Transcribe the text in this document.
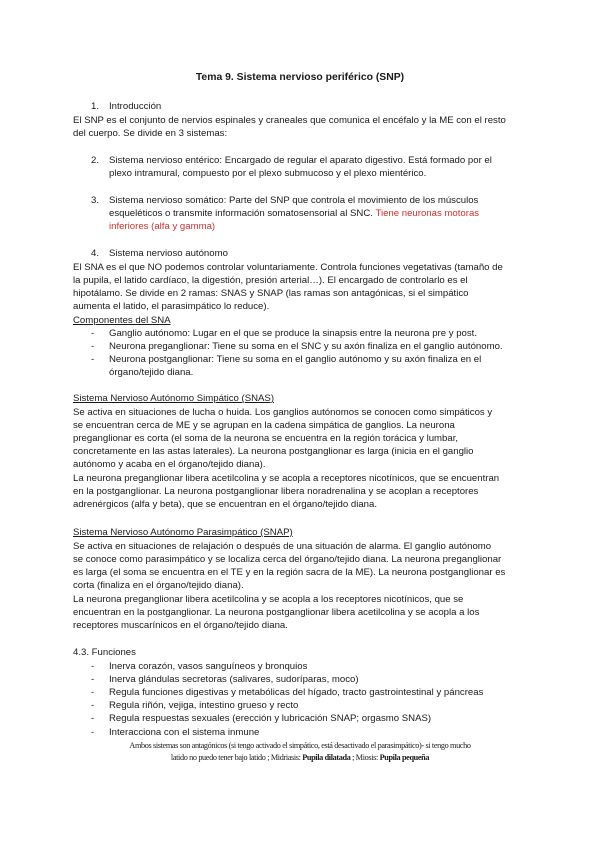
Tema 9. Sistema nervioso periférico (SNP)
1. Introducción
El SNP es el conjunto de nervios espinales y craneales que comunica el encéfalo y la ME con el resto
del cuerpo. Se divide en 3 sistemas:
2. Sistema nervioso entérico: Encargado de regular el aparato digestivo. Está formado por el
plexo intramural, compuesto por el plexo submucoso y el plexo mientérico.
3. Sistema nervioso somático: Parte del SNP que controla el movimiento de los músculos
esqueléticos o transmite información somatosensorial al SNC. Tiene neuronas motoras
inferiores (alfa y gamma)
4. Sistema nervioso autónomo
El SNA es el que NO podemos controlar voluntariamente. Controla funciones vegetativas (tamaño de
la pupila, el latido cardíaco, la digestión, presión arterial…). El encargado de controlarlo es el
hipotálamo. Se divide en 2 ramas: SNAS y SNAP (las ramas son antagónicas, si el simpático
aumenta el latido, el parasimpático lo reduce).
Componentes del SNA
- Ganglio autónomo: Lugar en el que se produce la sinapsis entre la neurona pre y post.
- Neurona preganglionar: Tiene su soma en el SNC y su axón finaliza en el ganglio autónomo.
- Neurona postganglionar: Tiene su soma en el ganglio autónomo y su axón finaliza en el
órgano/tejido diana.
Sistema Nervioso Autónomo Simpático (SNAS)
Se activa en situaciones de lucha o huida. Los ganglios autónomos se conocen como simpáticos y
se encuentran cerca de ME y se agrupan en la cadena simpática de ganglios. La neurona
preganglionar es corta (el soma de la neurona se encuentra en la región torácica y lumbar,
concretamente en las astas laterales). La neurona postganglionar es larga (inicia en el ganglio
autónomo y acaba en el órgano/tejido diana).
La neurona preganglionar libera acetilcolina y se acopla a receptores nicotínicos, que se encuentran
en la postganglionar. La neurona postganglionar libera noradrenalina y se acoplan a receptores
adrenérgicos (alfa y beta), que se encuentran en el órgano/tejido diana.
Sistema Nervioso Autónomo Parasimpático (SNAP)
Se activa en situaciones de relajación o después de una situación de alarma. El ganglio autónomo
se conoce como parasimpático y se localiza cerca del órgano/tejido diana. La neurona preganglionar
es larga (el soma se encuentra en el TE y en la región sacra de la ME). La neurona postganglionar es
corta (finaliza en el órgano/tejido diana).
La neurona preganglionar libera acetilcolina y se acopla a los receptores nicotínicos, que se
encuentran en la postganglionar. La neurona postganglionar libera acetilcolina y se acopla a los
receptores muscarínicos en el órgano/tejido diana.
4.3. Funciones
- Inerva corazón, vasos sanguíneos y bronquios
- Inerva glándulas secretoras (salivares, sudoríparas, moco)
- Regula funciones digestivas y metabólicas del hígado, tracto gastrointestinal y páncreas
- Regula riñón, vejiga, intestino grueso y recto
- Regula respuestas sexuales (erección y lubricación SNAP; orgasmo SNAS)
- Interacciona con el sistema inmune
Ambos sistemas son antagónicos (si tengo activado el simpático, está desactivado el parasimpático)- si tengo mucho
latido no puedo tener bajo latido ; Midriasis: Pupila dilatada ; Miosis: Pupila pequeña
